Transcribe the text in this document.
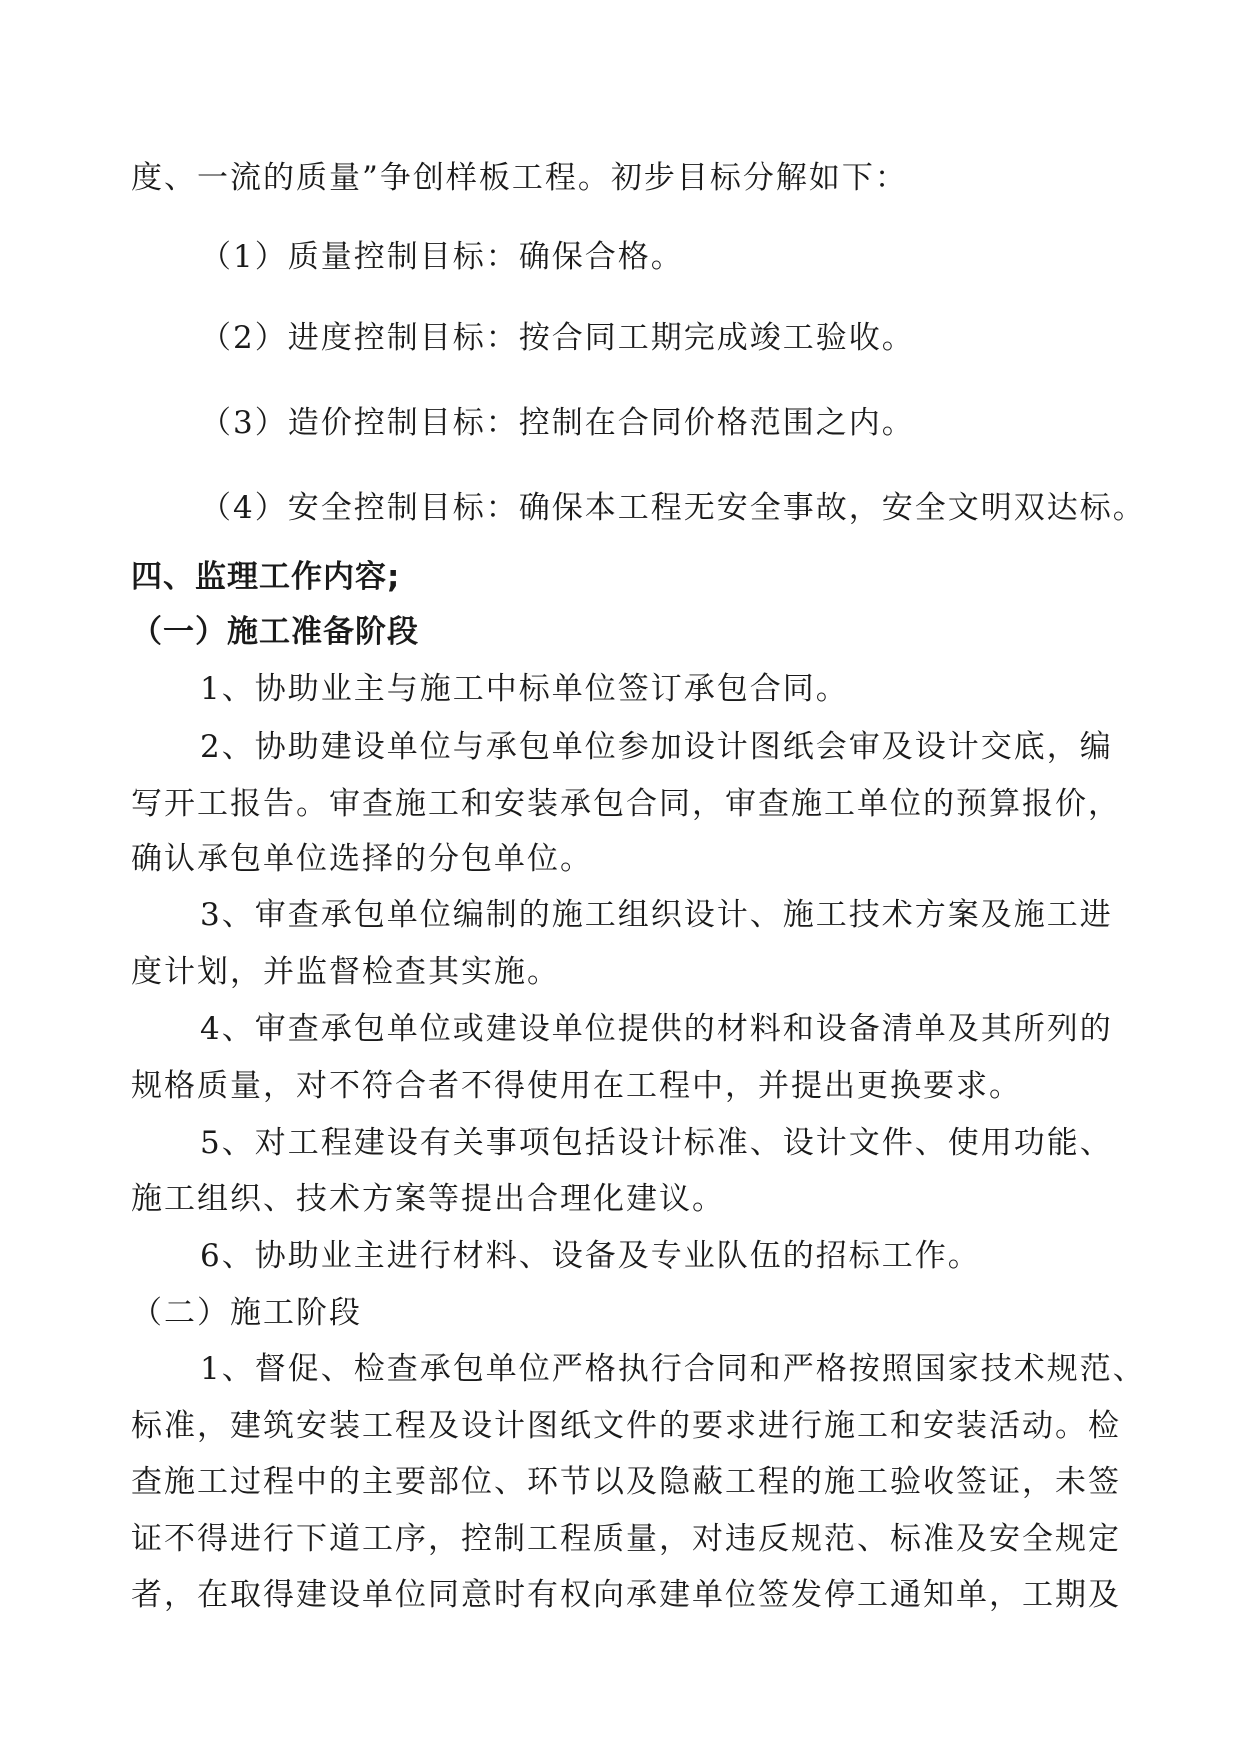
度、一流的质量”争创样板工程。初步目标分解如下：
（1）质量控制目标：确保合格。
（2）进度控制目标：按合同工期完成竣工验收。
（3）造价控制目标：控制在合同价格范围之内。
（4）安全控制目标：确保本工程无安全事故，安全文明双达标。
四、监理工作内容;
（一）施工准备阶段
1、协助业主与施工中标单位签订承包合同。
2、协助建设单位与承包单位参加设计图纸会审及设计交底，编
写开工报告。审查施工和安装承包合同，审查施工单位的预算报价，
确认承包单位选择的分包单位。
3、审查承包单位编制的施工组织设计、施工技术方案及施工进
度计划，并监督检查其实施。
4、审查承包单位或建设单位提供的材料和设备清单及其所列的
规格质量，对不符合者不得使用在工程中，并提出更换要求。
5、对工程建设有关事项包括设计标准、设计文件、使用功能、
施工组织、技术方案等提出合理化建议。
6、协助业主进行材料、设备及专业队伍的招标工作。
（二）施工阶段
1、督促、检查承包单位严格执行合同和严格按照国家技术规范、
标准，建筑安装工程及设计图纸文件的要求进行施工和安装活动。检
查施工过程中的主要部位、环节以及隐蔽工程的施工验收签证，未签
证不得进行下道工序，控制工程质量，对违反规范、标准及安全规定
者，在取得建设单位同意时有权向承建单位签发停工通知单，工期及
